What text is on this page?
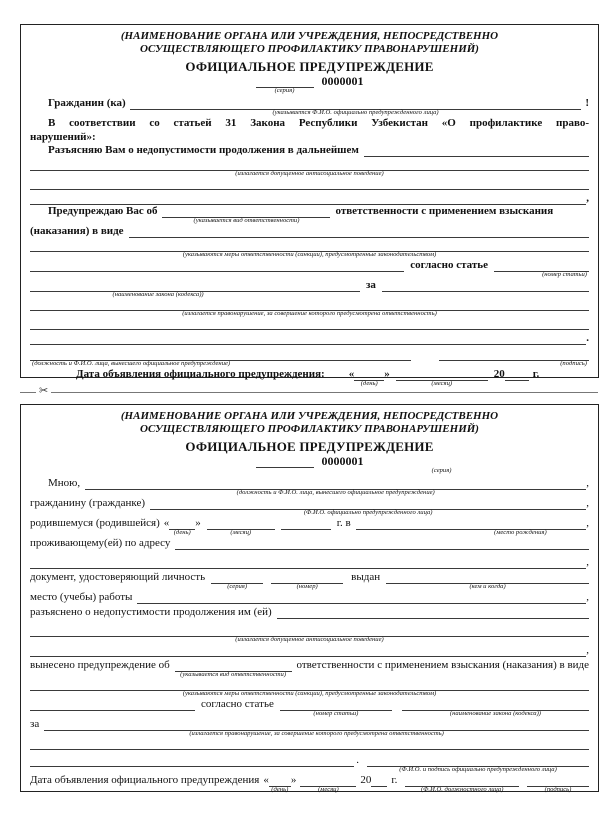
(НАИМЕНОВАНИЕ ОРГАНА ИЛИ УЧРЕЖДЕНИЯ, НЕПОСРЕДСТВЕННО
ОСУЩЕСТВЛЯЮЩЕГО ПРОФИЛАКТИКУ ПРАВОНАРУШЕНИЙ)
ОФИЦИАЛЬНОЕ ПРЕДУПРЕЖДЕНИЕ
(серия)
0000001
Гражданин (ка)
(указывается Ф.И.О. официально предупрежденного лица)
!
В соответствии со статьей 31 Закона Республики Узбекистан «О профилактике право-
нарушений»:
Разъясняю Вам о недопустимости продолжения в дальнейшем
(излагается допущенное антисоциальное поведение)
,
Предупреждаю Вас об
(указывается вид ответственности)
ответственности с применением взыскания
(наказания) в виде
(указываются меры ответственности (санкции), предусмотренные законодательством)
согласно статье
(номер статьи)
(наименование закона (кодекса))
за
(излагается правонарушение, за совершение которого предусмотрена ответственность)
.
(должность и Ф.И.О. лица, вынесшего официальное предупреждение)	(подпись)
Дата объявления официального предупреждения: «
(день)
»
(месяц)
20	г.
✂
(НАИМЕНОВАНИЕ ОРГАНА ИЛИ УЧРЕЖДЕНИЯ, НЕПОСРЕДСТВЕННО
ОСУЩЕСТВЛЯЮЩЕГО ПРОФИЛАКТИКУ ПРАВОНАРУШЕНИЙ)
ОФИЦИАЛЬНОЕ ПРЕДУПРЕЖДЕНИЕ
(серия)
0000001
Мною,
(должность и Ф.И.О. лица, вынесшего официальное предупреждение)
,
гражданину (гражданке)
(Ф.И.О. официально предупрежденного лица)
,
родившемуся (родившейся) «
(день)
»
(месяц)
г. в
(место рождения)
,
проживающему(ей) по адресу
,
документ, удостоверяющий личность
(серия)	(номер)
выдан
(кем и когда)
место (учебы) работы	,
разъяснено о недопустимости продолжения им (ей)
(излагается допущенное антисоциальное поведение)
,
вынесено предупреждение об
(указывается вид ответственности)
ответственности с применением взыскания (наказания) в виде
(указываются меры ответственности (санкции), предусмотренные законодательством)
согласно статье
(номер статьи)	(наименование закона (кодекса))
за
(излагается правонарушение, за совершение которого предусмотрена ответственность)
.
(Ф.И.О. и подпись официально предупрежденного лица)
Дата объявления официального предупреждения «
(день)
»
(месяц)
20 г.
(Ф.И.О. должностного лица)	(подпись)
